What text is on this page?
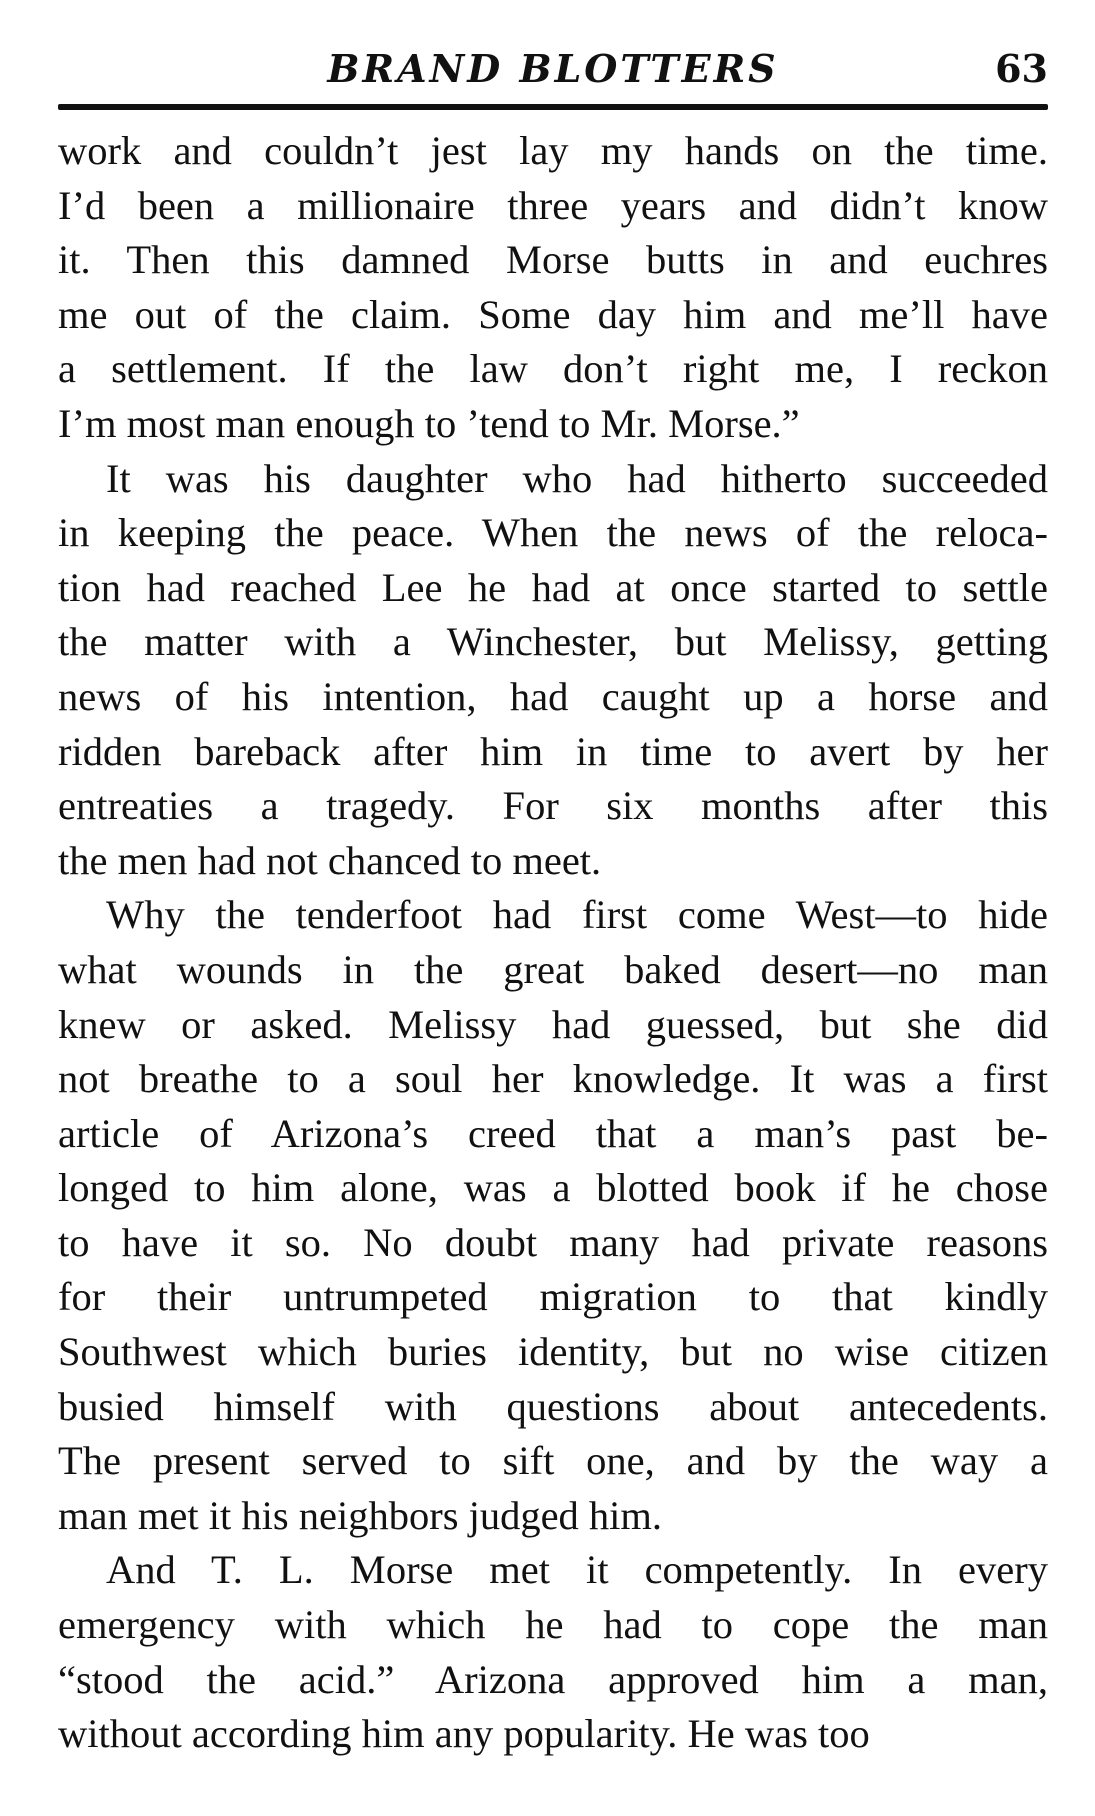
BRAND BLOTTERS	63
work and couldn’t jest lay my hands on the time.
I’d been a millionaire three years and didn’t know
it. Then this damned Morse butts in and euchres
me out of the claim. Some day him and me’ll have
a settlement. If the law don’t right me, I reckon
I’m most man enough to ’tend to Mr. Morse.”
It was his daughter who had hitherto succeeded
in keeping the peace. When the news of the reloca-
tion had reached Lee he had at once started to settle
the matter with a Winchester, but Melissy, getting
news of his intention, had caught up a horse and
ridden bareback after him in time to avert by her
entreaties a tragedy. For six months after this
the men had not chanced to meet.
Why the tenderfoot had first come West—to hide
what wounds in the great baked desert—no man
knew or asked. Melissy had guessed, but she did
not breathe to a soul her knowledge. It was a first
article of Arizona’s creed that a man’s past be-
longed to him alone, was a blotted book if he chose
to have it so. No doubt many had private reasons
for their untrumpeted migration to that kindly
Southwest which buries identity, but no wise citizen
busied himself with questions about antecedents.
The present served to sift one, and by the way a
man met it his neighbors judged him.
And T. L. Morse met it competently. In every
emergency with which he had to cope the man
“stood the acid.” Arizona approved him a man,
without according him any popularity. He was too
